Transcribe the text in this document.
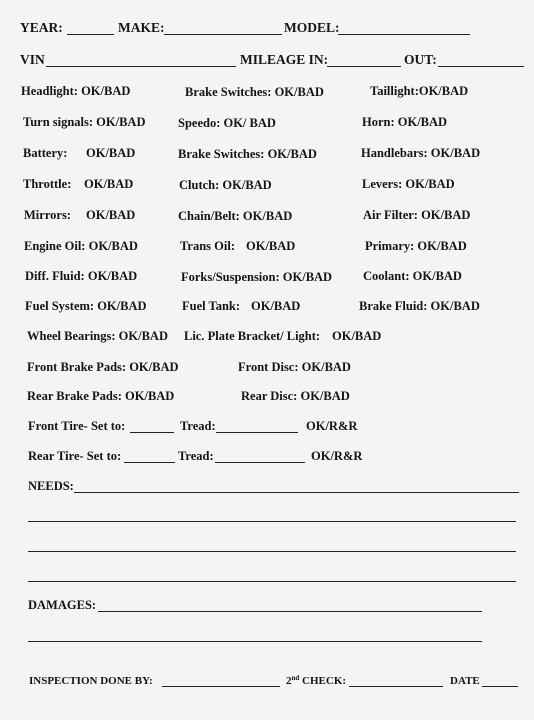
YEAR:	MAKE:	MODEL:
VIN	MILEAGE IN:	OUT:
Headlight: OK/BAD	Brake Switches: OK/BAD	Taillight:OK/BAD
Turn signals: OK/BAD	Speedo: OK/ BAD	Horn: OK/BAD
Battery: OK/BAD	Brake Switches: OK/BAD	Handlebars: OK/BAD
Throttle: OK/BAD	Clutch: OK/BAD	Levers: OK/BAD
Mirrors: OK/BAD	Chain/Belt: OK/BAD	Air Filter: OK/BAD
Engine Oil: OK/BAD	Trans Oil: OK/BAD	Primary: OK/BAD
Diff. Fluid: OK/BAD	Forks/Suspension: OK/BAD Coolant: OK/BAD
Fuel System: OK/BAD	Fuel Tank: OK/BAD	Brake Fluid: OK/BAD
Wheel Bearings: OK/BAD Lic. Plate Bracket/ Light: OK/BAD
Front Brake Pads: OK/BAD	Front Disc: OK/BAD
Rear Brake Pads: OK/BAD	Rear Disc: OK/BAD
Front Tire- Set to:	Tread:	OK/R&R
Rear Tire- Set to:	Tread:	OK/R&R
NEEDS:
DAMAGES:
INSPECTION DONE BY:	2nd CHECK:	DATE
